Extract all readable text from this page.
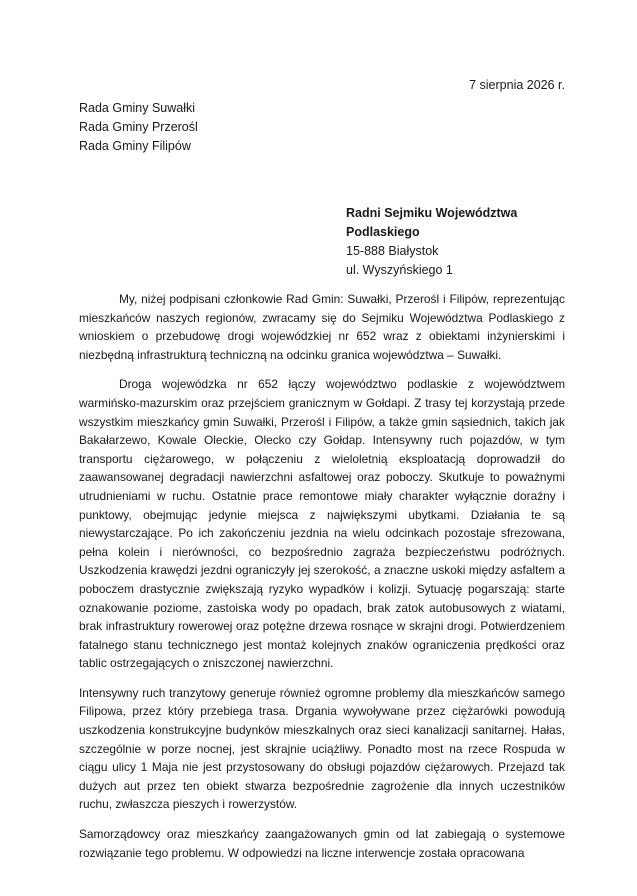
7 sierpnia 2026 r.
Rada Gminy Suwałki
Rada Gminy Przerośl
Rada Gminy Filipów
Radni Sejmiku Województwa
Podlaskiego
15-888 Białystok
ul. Wyszyńskiego 1

My, niżej podpisani członkowie Rad Gmin: Suwałki, Przerośl i Filipów, reprezentując mieszkańców naszych regionów, zwracamy się do Sejmiku Województwa Podlaskiego z wnioskiem o przebudowę drogi wojewódzkiej nr 652 wraz z obiektami inżynierskimi i niezbędną infrastrukturą techniczną na odcinku granica województwa – Suwałki.

Droga wojewódzka nr 652 łączy województwo podlaskie z województwem warmińsko-mazurskim oraz przejściem granicznym w Gołdapi. Z trasy tej korzystają przede wszystkim mieszkańcy gmin Suwałki, Przerośl i Filipów, a także gmin sąsiednich, takich jak Bakałarzewo, Kowale Oleckie, Olecko czy Gołdap. Intensywny ruch pojazdów, w tym transportu ciężarowego, w połączeniu z wieloletnią eksploatacją doprowadził do zaawansowanej degradacji nawierzchni asfaltowej oraz poboczy. Skutkuje to poważnymi utrudnieniami w ruchu. Ostatnie prace remontowe miały charakter wyłącznie doraźny i punktowy, obejmując jedynie miejsca z największymi ubytkami. Działania te są niewystarczające. Po ich zakończeniu jezdnia na wielu odcinkach pozostaje sfrezowana, pełna kolein i nierówności, co bezpośrednio zagraża bezpieczeństwu podróżnych. Uszkodzenia krawędzi jezdni ograniczyły jej szerokość, a znaczne uskoki między asfaltem a poboczem drastycznie zwiększają ryzyko wypadków i kolizji. Sytuację pogarszają: starte oznakowanie poziome, zastoiska wody po opadach, brak zatok autobusowych z wiatami, brak infrastruktury rowerowej oraz potężne drzewa rosnące w skrajni drogi. Potwierdzeniem fatalnego stanu technicznego jest montaż kolejnych znaków ograniczenia prędkości oraz tablic ostrzegających o zniszczonej nawierzchni.

Intensywny ruch tranzytowy generuje również ogromne problemy dla mieszkańców samego Filipowa, przez który przebiega trasa. Drgania wywoływane przez ciężarówki powodują uszkodzenia konstrukcyjne budynków mieszkalnych oraz sieci kanalizacji sanitarnej. Hałas, szczególnie w porze nocnej, jest skrajnie uciążliwy. Ponadto most na rzece Rospuda w ciągu ulicy 1 Maja nie jest przystosowany do obsługi pojazdów ciężarowych. Przejazd tak dużych aut przez ten obiekt stwarza bezpośrednie zagrożenie dla innych uczestników ruchu, zwłaszcza pieszych i rowerzystów.

Samorządowcy oraz mieszkańcy zaangażowanych gmin od lat zabiegają o systemowe rozwiązanie tego problemu. W odpowiedzi na liczne interwencje została opracowana
